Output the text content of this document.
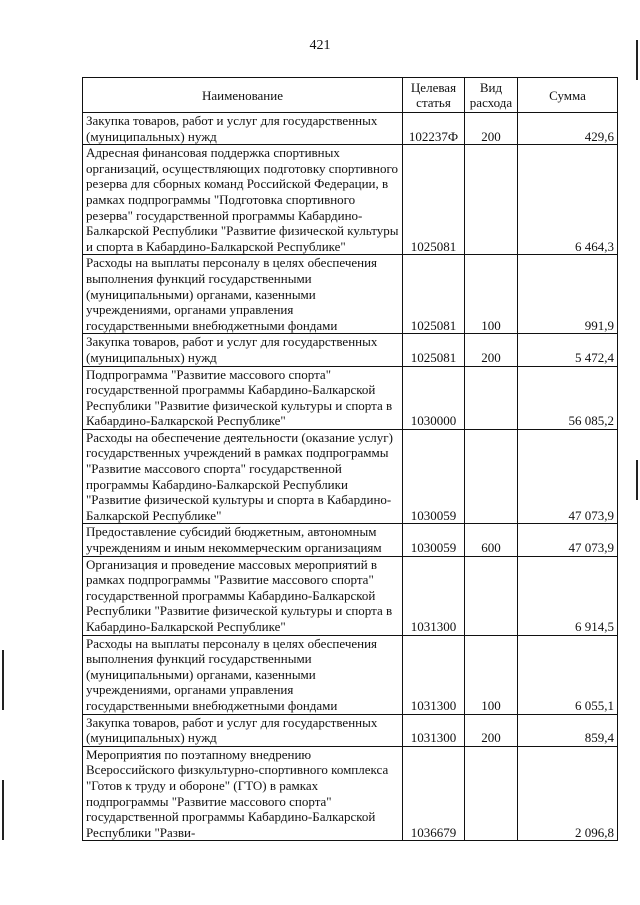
421
Наименование	Целевая статья	Вид расхода	Сумма
Закупка товаров, работ и услуг для государственных (муниципальных) нужд	102237Ф	200	429,6
Адресная финансовая поддержка спортивных организаций, осуществляющих подготовку спортивного резерва для сборных команд Российской Федерации, в рамках подпрограммы "Подготовка спортивного резерва" государственной программы Кабардино-Балкарской Республики "Развитие физической культуры и спорта в Кабардино-Балкарской Республике"	1025081		6 464,3
Расходы на выплаты персоналу в целях обеспечения выполнения функций государственными (муниципальными) органами, казенными учреждениями, органами управления государственными внебюджетными фондами	1025081	100	991,9
Закупка товаров, работ и услуг для государственных (муниципальных) нужд	1025081	200	5 472,4
Подпрограмма "Развитие массового спорта" государственной программы Кабардино-Балкарской Республики "Развитие физической культуры и спорта в Кабардино-Балкарской Республике"	1030000		56 085,2
Расходы на обеспечение деятельности (оказание услуг) государственных учреждений в рамках подпрограммы "Развитие массового спорта" государственной программы Кабардино-Балкарской Республики "Развитие физической культуры и спорта в Кабардино-Балкарской Республике"	1030059		47 073,9
Предоставление субсидий бюджетным, автономным учреждениям и иным некоммерческим организациям	1030059	600	47 073,9
Организация и проведение массовых мероприятий в рамках подпрограммы "Развитие массового спорта" государственной программы Кабардино-Балкарской Республики "Развитие физической культуры и спорта в Кабардино-Балкарской Республике"	1031300		6 914,5
Расходы на выплаты персоналу в целях обеспечения выполнения функций государственными (муниципальными) органами, казенными учреждениями, органами управления государственными внебюджетными фондами	1031300	100	6 055,1
Закупка товаров, работ и услуг для государственных (муниципальных) нужд	1031300	200	859,4
Мероприятия по поэтапному внедрению Всероссийского физкультурно-спортивного комплекса "Готов к труду и обороне" (ГТО) в рамках подпрограммы "Развитие массового спорта" государственной программы Кабардино-Балкарской Республики "Разви-	1036679		2 096,8
